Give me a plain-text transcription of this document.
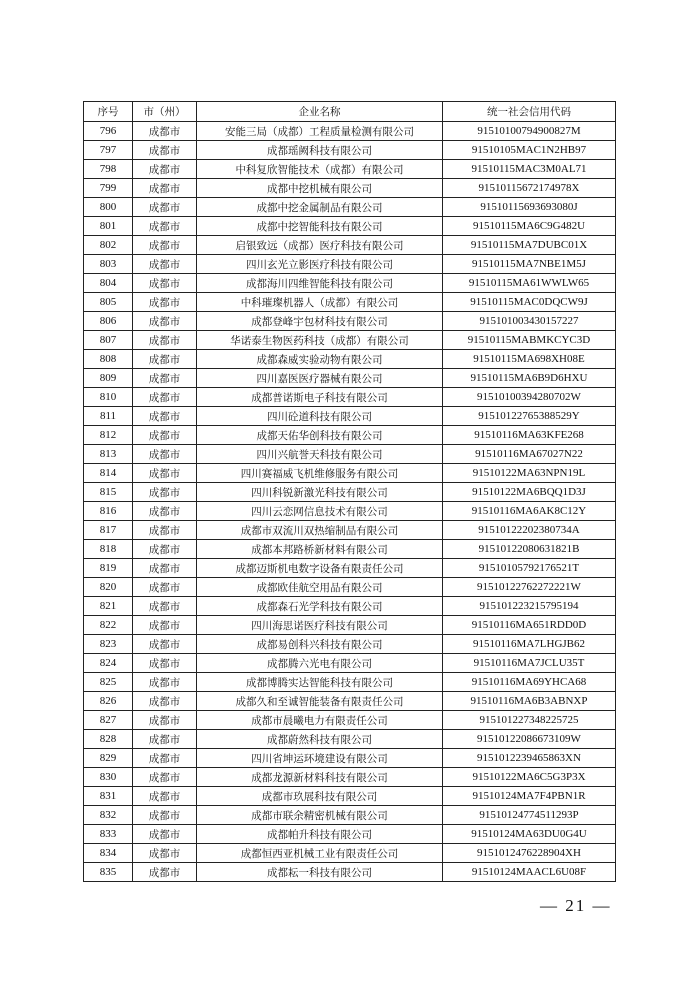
序号	市（州）	企业名称	统一社会信用代码
796	成都市	安能三局（成都）工程质量检测有限公司	91510100794900827M
797	成都市	成都瑶阙科技有限公司	91510105MAC1N2HB97
798	成都市	中科复欣智能技术（成都）有限公司	91510115MAC3M0AL71
799	成都市	成都中挖机械有限公司	91510115672174978X
800	成都市	成都中挖金属制品有限公司	91510115693693080J
801	成都市	成都中挖智能科技有限公司	91510115MA6C9G482U
802	成都市	启银致远（成都）医疗科技有限公司	91510115MA7DUBC01X
803	成都市	四川玄光立影医疗科技有限公司	91510115MA7NBE1M5J
804	成都市	成都海川四维智能科技有限公司	91510115MA61WWLW65
805	成都市	中科璀璨机器人（成都）有限公司	91510115MAC0DQCW9J
806	成都市	成都登峰宇包材科技有限公司	915101003430157227
807	成都市	华诺泰生物医药科技（成都）有限公司	91510115MABMKCYC3D
808	成都市	成都森威实验动物有限公司	91510115MA698XH08E
809	成都市	四川嘉医医疗器械有限公司	91510115MA6B9D6HXU
810	成都市	成都普诺斯电子科技有限公司	91510100394280702W
811	成都市	四川砼道科技有限公司	91510122765388529Y
812	成都市	成都天佑华创科技有限公司	91510116MA63KFE268
813	成都市	四川兴航誉天科技有限公司	91510116MA67027N22
814	成都市	四川赛福威飞机维修服务有限公司	91510122MA63NPN19L
815	成都市	四川科锐新激光科技有限公司	91510122MA6BQQ1D3J
816	成都市	四川云恋网信息技术有限公司	91510116MA6AK8C12Y
817	成都市	成都市双流川双热缩制品有限公司	91510122202380734A
818	成都市	成都本邦路桥新材料有限公司	91510122080631821B
819	成都市	成都迈斯机电数字设备有限责任公司	91510105792176521T
820	成都市	成都欧佳航空用品有限公司	91510122762272221W
821	成都市	成都森石光学科技有限公司	915101223215795194
822	成都市	四川海思诺医疗科技有限公司	91510116MA651RDD0D
823	成都市	成都易创科兴科技有限公司	91510116MA7LHGJB62
824	成都市	成都腾六光电有限公司	91510116MA7JCLU35T
825	成都市	成都博腾实达智能科技有限公司	91510116MA69YHCA68
826	成都市	成都久和至诚智能装备有限责任公司	91510116MA6B3ABNXP
827	成都市	成都市晨曦电力有限责任公司	915101227348225725
828	成都市	成都蔚然科技有限公司	91510122086673109W
829	成都市	四川省坤运环境建设有限公司	9151012239465863XN
830	成都市	成都龙源新材料科技有限公司	91510122MA6C5G3P3X
831	成都市	成都市玖展科技有限公司	91510124MA7F4PBN1R
832	成都市	成都市联余精密机械有限公司	91510124774511293P
833	成都市	成都帕升科技有限公司	91510124MA63DU0G4U
834	成都市	成都恒西亚机械工业有限责任公司	9151012476228904XH
835	成都市	成都耘一科技有限公司	91510124MAACL6U08F
— 21 —
